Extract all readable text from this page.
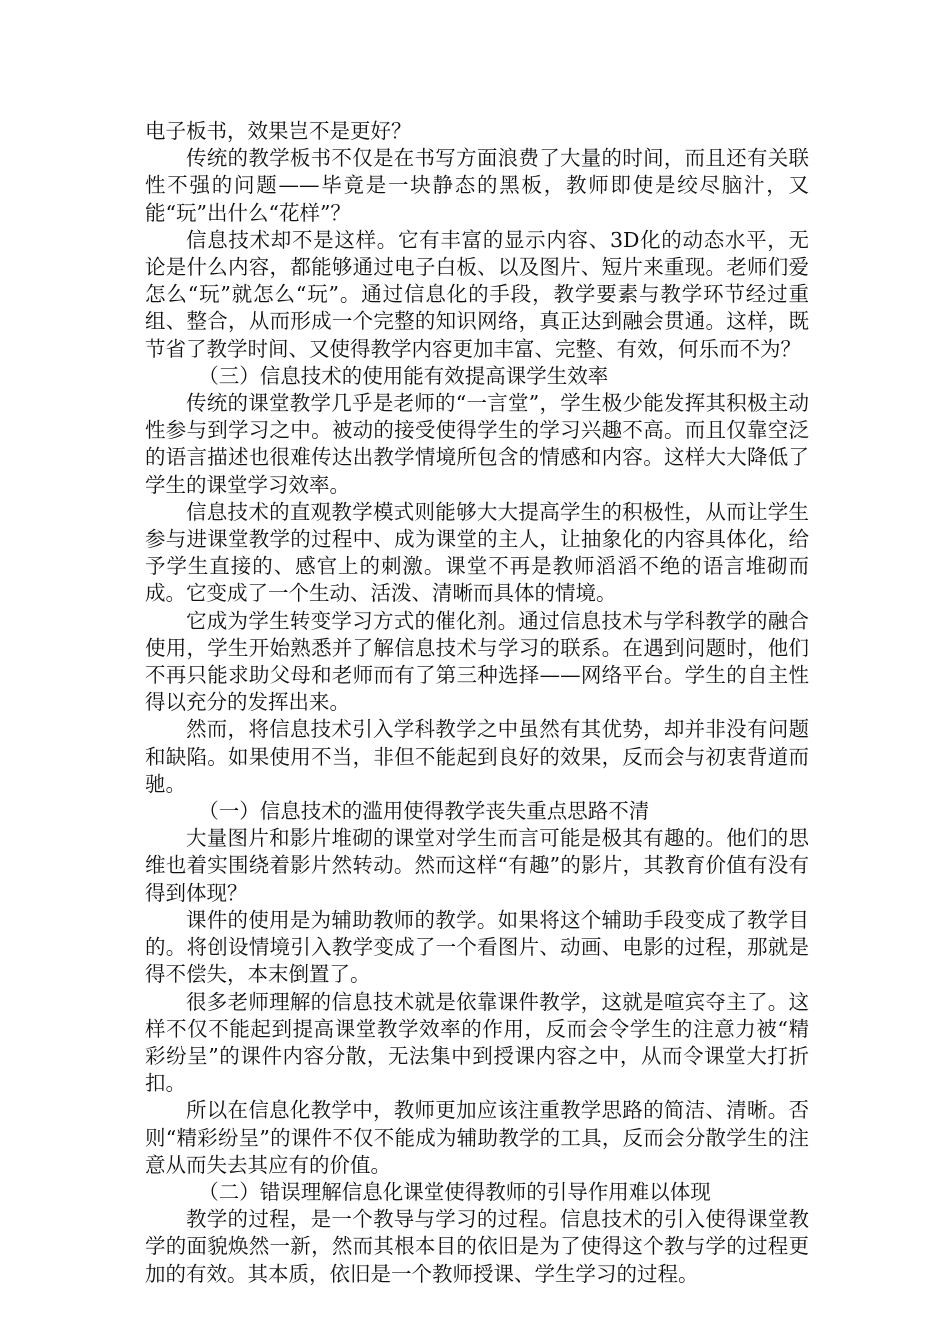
电子板书，效果岂不是更好？

传统的教学板书不仅是在书写方面浪费了大量的时间，而且还有关联性不强的问题——毕竟是一块静态的黑板，教师即使是绞尽脑汁，又能“玩”出什么“花样”？

信息技术却不是这样。它有丰富的显示内容、3D化的动态水平，无论是什么内容，都能够通过电子白板、以及图片、短片来重现。老师们爱怎么“玩”就怎么“玩”。通过信息化的手段，教学要素与教学环节经过重组、整合，从而形成一个完整的知识网络，真正达到融会贯通。这样，既节省了教学时间、又使得教学内容更加丰富、完整、有效，何乐而不为？

（三）信息技术的使用能有效提高课学生效率

传统的课堂教学几乎是老师的“一言堂”，学生极少能发挥其积极主动性参与到学习之中。被动的接受使得学生的学习兴趣不高。而且仅靠空泛的语言描述也很难传达出教学情境所包含的情感和内容。这样大大降低了学生的课堂学习效率。

信息技术的直观教学模式则能够大大提高学生的积极性，从而让学生参与进课堂教学的过程中、成为课堂的主人，让抽象化的内容具体化，给予学生直接的、感官上的刺激。课堂不再是教师滔滔不绝的语言堆砌而成。它变成了一个生动、活泼、清晰而具体的情境。

它成为学生转变学习方式的催化剂。通过信息技术与学科教学的融合使用，学生开始熟悉并了解信息技术与学习的联系。在遇到问题时，他们不再只能求助父母和老师而有了第三种选择——网络平台。学生的自主性得以充分的发挥出来。

然而，将信息技术引入学科教学之中虽然有其优势，却并非没有问题和缺陷。如果使用不当，非但不能起到良好的效果，反而会与初衷背道而驰。

（一）信息技术的滥用使得教学丧失重点思路不清

大量图片和影片堆砌的课堂对学生而言可能是极其有趣的。他们的思维也着实围绕着影片然转动。然而这样“有趣”的影片，其教育价值有没有得到体现？

课件的使用是为辅助教师的教学。如果将这个辅助手段变成了教学目的。将创设情境引入教学变成了一个看图片、动画、电影的过程，那就是得不偿失，本末倒置了。

很多老师理解的信息技术就是依靠课件教学，这就是喧宾夺主了。这样不仅不能起到提高课堂教学效率的作用，反而会令学生的注意力被“精彩纷呈”的课件内容分散，无法集中到授课内容之中，从而令课堂大打折扣。

所以在信息化教学中，教师更加应该注重教学思路的简洁、清晰。否则“精彩纷呈”的课件不仅不能成为辅助教学的工具，反而会分散学生的注意从而失去其应有的价值。

（二）错误理解信息化课堂使得教师的引导作用难以体现

教学的过程，是一个教导与学习的过程。信息技术的引入使得课堂教学的面貌焕然一新，然而其根本目的依旧是为了使得这个教与学的过程更加的有效。其本质，依旧是一个教师授课、学生学习的过程。
